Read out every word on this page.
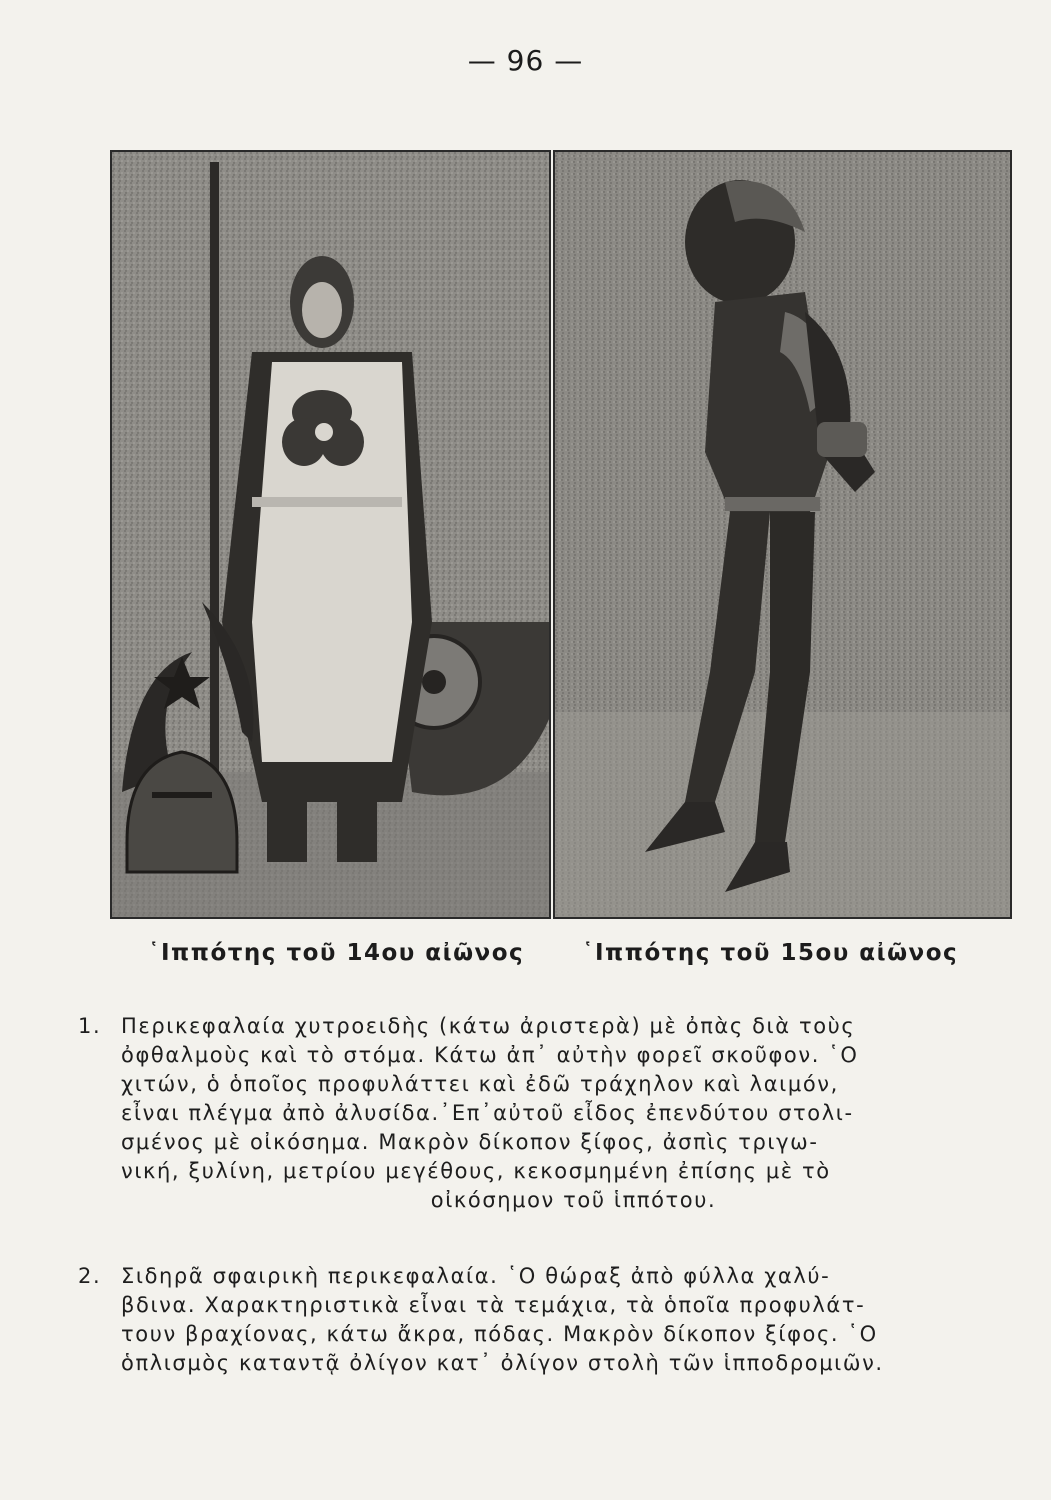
— 96 —
῾Ιππότης τοῦ 14ου αἰῶνος	῾Ιππότης τοῦ 15ου αἰῶνος
1. Περικεφαλαία χυτροειδὴς (κάτω ἀριστερὰ) μὲ ὀπὰς διὰ τοὺς
ὀφθαλμοὺς καὶ τὸ στόμα. Κάτω ἀπ᾽ αὐτὴν φορεῖ σκοῦφον. ῾Ο
χιτών, ὁ ὁποῖος προφυλάττει καὶ ἐδῶ τράχηλον καὶ λαιμόν,
εἶναι πλέγμα ἀπὸ ἀλυσίδα.᾽Επ᾽αὐτοῦ εἶδος ἐπενδύτου στολι-
σμένος μὲ οἰκόσημα. Μακρὸν δίκοπον ξίφος, ἀσπὶς τριγω-
νική, ξυλίνη, μετρίου μεγέθους, κεκοσμημένη ἐπίσης μὲ τὸ
οἰκόσημον τοῦ ἱππότου.
2. Σιδηρᾶ σφαιρικὴ περικεφαλαία. ῾Ο θώραξ ἀπὸ φύλλα χαλύ-
βδινα. Χαρακτηριστικὰ εἶναι τὰ τεμάχια, τὰ ὁποῖα προφυλάτ-
τουν βραχίονας, κάτω ἄκρα, πόδας. Μακρὸν δίκοπον ξίφος. ῾Ο
ὁπλισμὸς καταντᾷ ὀλίγον κατ᾽ ὀλίγον στολὴ τῶν ἱπποδρομιῶν.
